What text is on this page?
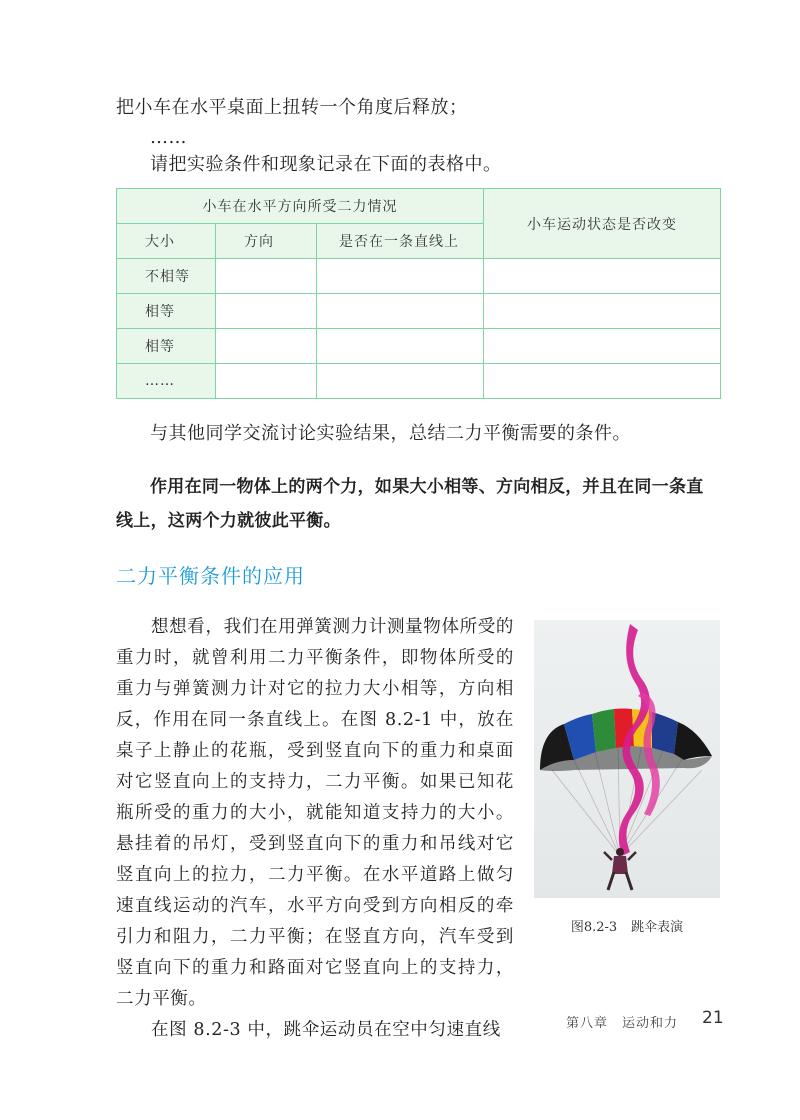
把小车在水平桌面上扭转一个角度后释放；
……
请把实验条件和现象记录在下面的表格中。
小车在水平方向所受二力情况			小车运动状态是否改变
大小	方向	是否在一条直线上	
不相等			
相等			
相等			
……			
与其他同学交流讨论实验结果，总结二力平衡需要的条件。
作用在同一物体上的两个力，如果大小相等、方向相反，并且在同一条直
线上，这两个力就彼此平衡。
二力平衡条件的应用

想想看，我们在用弹簧测力计测量物体所受的重力时，就曾利用二力平衡条件，即物体所受的重力与弹簧测力计对它的拉力大小相等，方向相反，作用在同一条直线上。在图 8.2-1 中，放在桌子上静止的花瓶，受到竖直向下的重力和桌面对它竖直向上的支持力，二力平衡。如果已知花瓶所受的重力的大小，就能知道支持力的大小。悬挂着的吊灯，受到竖直向下的重力和吊线对它竖直向上的拉力，二力平衡。在水平道路上做匀速直线运动的汽车，水平方向受到方向相反的牵引力和阻力，二力平衡；在竖直方向，汽车受到竖直向下的重力和路面对它竖直向上的支持力，二力平衡。

在图 8.2-3 中，跳伞运动员在空中匀速直线

图8.2-3 跳伞表演
第八章　运动和力 21
